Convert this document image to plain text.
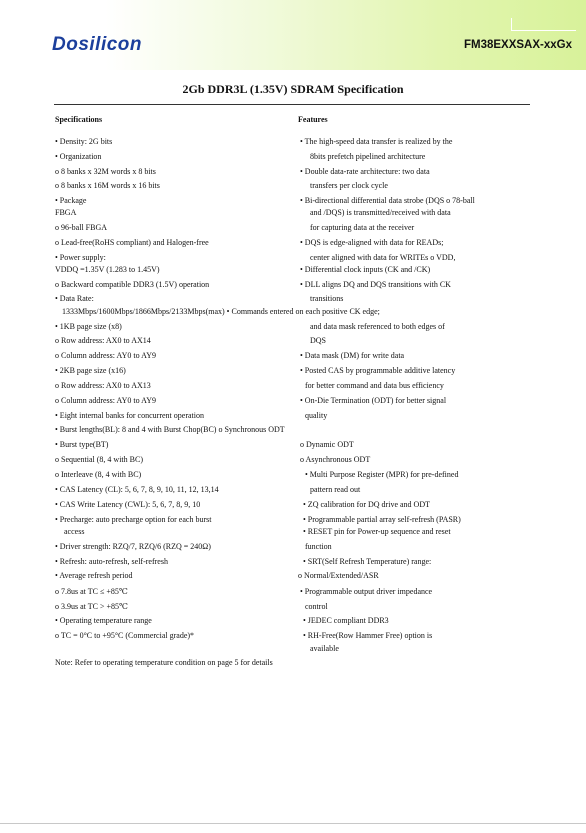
Dosilicon	FM38EXXSAX-xxGx
2Gb DDR3L (1.35V) SDRAM Specification
Specifications	Features
• Density: 2G bits
• Organization
o 8 banks x 32M words x 8 bits
o 8 banks x 16M words x 16 bits
• Package
FBGA
o 96-ball FBGA
o Lead-free(RoHS compliant) and Halogen-free
• Power supply:
VDDQ =1.35V (1.283 to 1.45V)
o Backward compatible DDR3 (1.5V) operation
• Data Rate:
1333Mbps/1600Mbps/1866Mbps/2133Mbps(max) • Commands entered on each positive CK edge;
• 1KB page size (x8)
o Row address: AX0 to AX14
o Column address: AY0 to AY9
• 2KB page size (x16)
o Row address: AX0 to AX13
o Column address: AY0 to AY9
• Eight internal banks for concurrent operation
• Burst lengths(BL): 8 and 4 with Burst Chop(BC) o Synchronous ODT
• Burst type(BT)
o Sequential (8, 4 with BC)
o Interleave (8, 4 with BC)
• CAS Latency (CL): 5, 6, 7, 8, 9, 10, 11, 12, 13,14
• CAS Write Latency (CWL): 5, 6, 7, 8, 9, 10
• Precharge: auto precharge option for each burst
access
• Driver strength: RZQ/7, RZQ/6 (RZQ = 240Ω)
• Refresh: auto-refresh, self-refresh
• Average refresh period
o 7.8us at TC ≤ +85℃
o 3.9us at TC > +85℃
• Operating temperature range
o TC = 0°C to +95°C (Commercial grade)*
• The high-speed data transfer is realized by the
8bits prefetch pipelined architecture
• Double data-rate architecture: two data
transfers per clock cycle
• Bi-directional differential data strobe (DQS o 78-ball
and /DQS) is transmitted/received with data
for capturing data at the receiver
• DQS is edge-aligned with data for READs;
center aligned with data for WRITEs o VDD,
• Differential clock inputs (CK and /CK)
• DLL aligns DQ and DQS transitions with CK
transitions
and data mask referenced to both edges of
DQS
• Data mask (DM) for write data
• Posted CAS by programmable additive latency
for better command and data bus efficiency
• On-Die Termination (ODT) for better signal
quality
o Dynamic ODT
o Asynchronous ODT
• Multi Purpose Register (MPR) for pre-defined
pattern read out
• ZQ calibration for DQ drive and ODT
• Programmable partial array self-refresh (PASR)
• RESET pin for Power-up sequence and reset
function
• SRT(Self Refresh Temperature) range:
o Normal/Extended/ASR
• Programmable output driver impedance
control
• JEDEC compliant DDR3
• RH-Free(Row Hammer Free) option is
available
Note: Refer to operating temperature condition on page 5 for details
